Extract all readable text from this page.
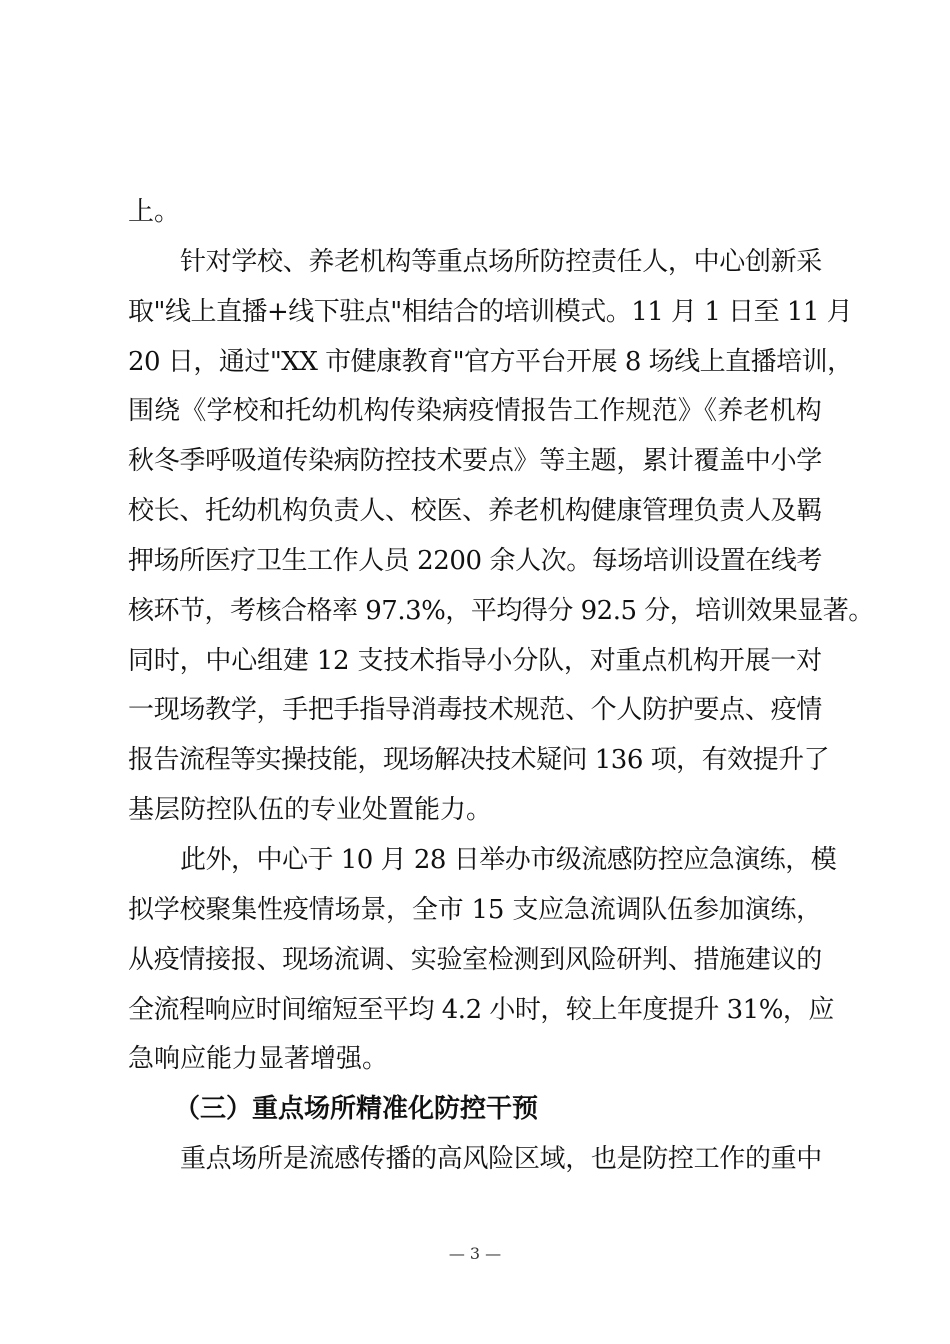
上。
针对学校、养老机构等重点场所防控责任人，中心创新采
取"线上直播+线下驻点"相结合的培训模式。11 月 1 日至 11 月
20 日，通过"XX 市健康教育"官方平台开展 8 场线上直播培训，
围绕《学校和托幼机构传染病疫情报告工作规范》《养老机构
秋冬季呼吸道传染病防控技术要点》等主题，累计覆盖中小学
校长、托幼机构负责人、校医、养老机构健康管理负责人及羁
押场所医疗卫生工作人员 2200 余人次。每场培训设置在线考
核环节，考核合格率 97.3%，平均得分 92.5 分，培训效果显著。
同时，中心组建 12 支技术指导小分队，对重点机构开展一对
一现场教学，手把手指导消毒技术规范、个人防护要点、疫情
报告流程等实操技能，现场解决技术疑问 136 项，有效提升了
基层防控队伍的专业处置能力。
此外，中心于 10 月 28 日举办市级流感防控应急演练，模
拟学校聚集性疫情场景，全市 15 支应急流调队伍参加演练，
从疫情接报、现场流调、实验室检测到风险研判、措施建议的
全流程响应时间缩短至平均 4.2 小时，较上年度提升 31%，应
急响应能力显著增强。
（三）重点场所精准化防控干预
重点场所是流感传播的高风险区域，也是防控工作的重中
— 3 —
